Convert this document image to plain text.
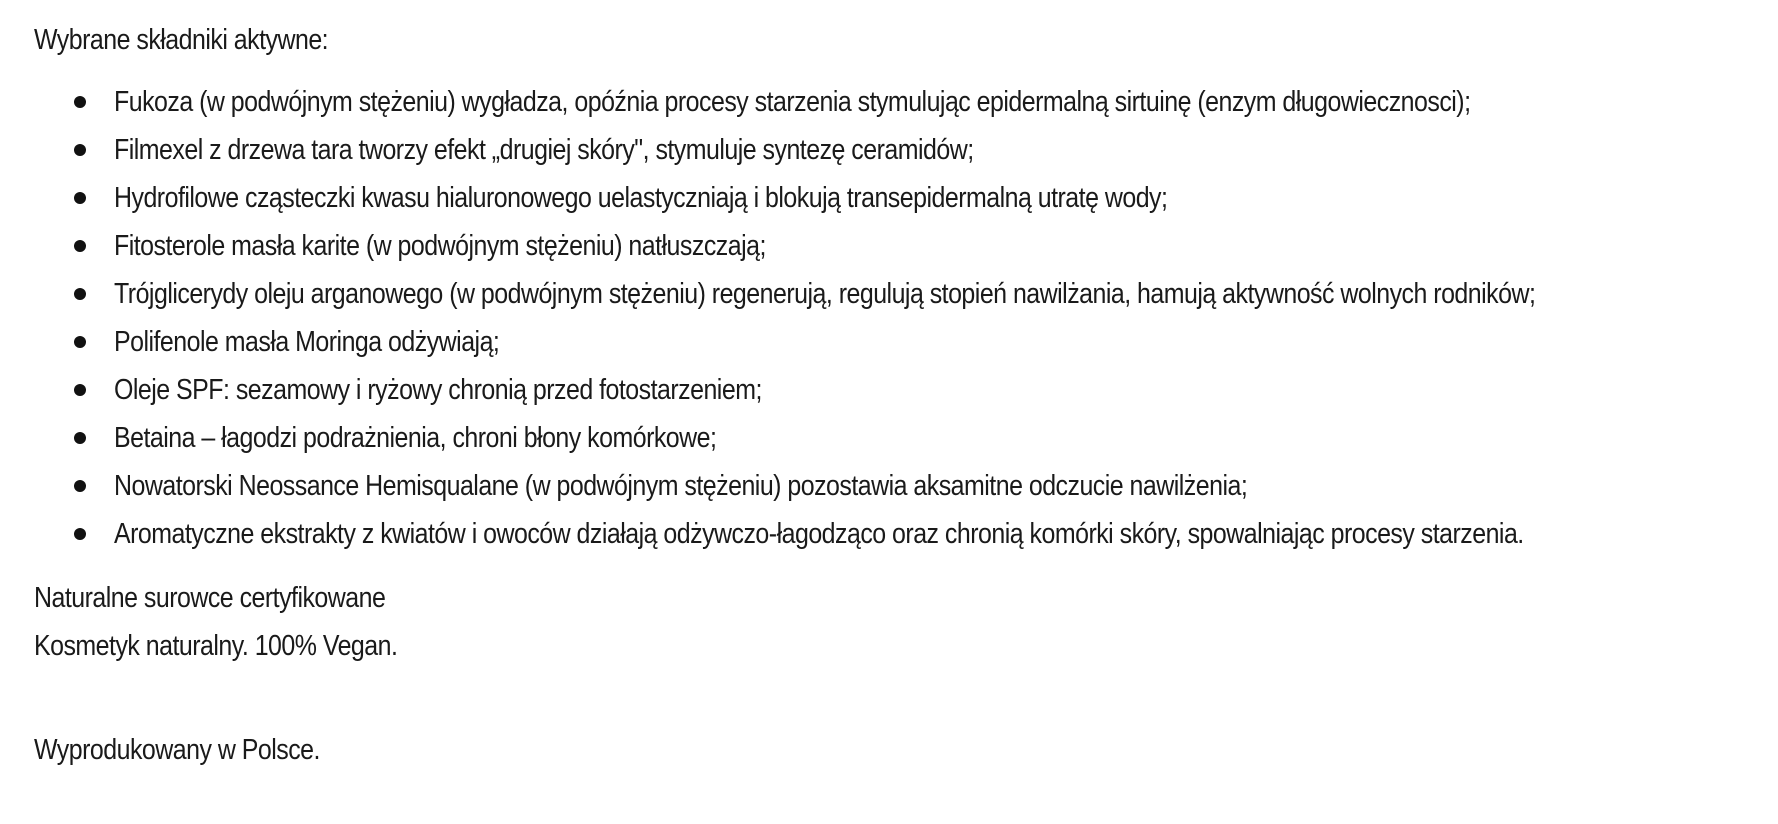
Wybrane składniki aktywne:

Fukoza (w podwójnym stężeniu) wygładza, opóźnia procesy starzenia stymulując epidermalną sirtuinę (enzym długowiecznosci);
Filmexel z drzewa tara tworzy efekt „drugiej skóry", stymuluje syntezę ceramidów;
Hydrofilowe cząsteczki kwasu hialuronowego uelastyczniają i blokują transepidermalną utratę wody;
Fitosterole masła karite (w podwójnym stężeniu) natłuszczają;
Trójglicerydy oleju arganowego (w podwójnym stężeniu) regenerują, regulują stopień nawilżania, hamują aktywność wolnych rodników;
Polifenole masła Moringa odżywiają;
Oleje SPF: sezamowy i ryżowy chronią przed fotostarzeniem;
Betaina – łagodzi podrażnienia, chroni błony komórkowe;
Nowatorski Neossance Hemisqualane (w podwójnym stężeniu) pozostawia aksamitne odczucie nawilżenia;
Aromatyczne ekstrakty z kwiatów i owoców działają odżywczo-łagodząco oraz chronią komórki skóry, spowalniając procesy starzenia.

Naturalne surowce certyfikowane

Kosmetyk naturalny. 100% Vegan.

Wyprodukowany w Polsce.
